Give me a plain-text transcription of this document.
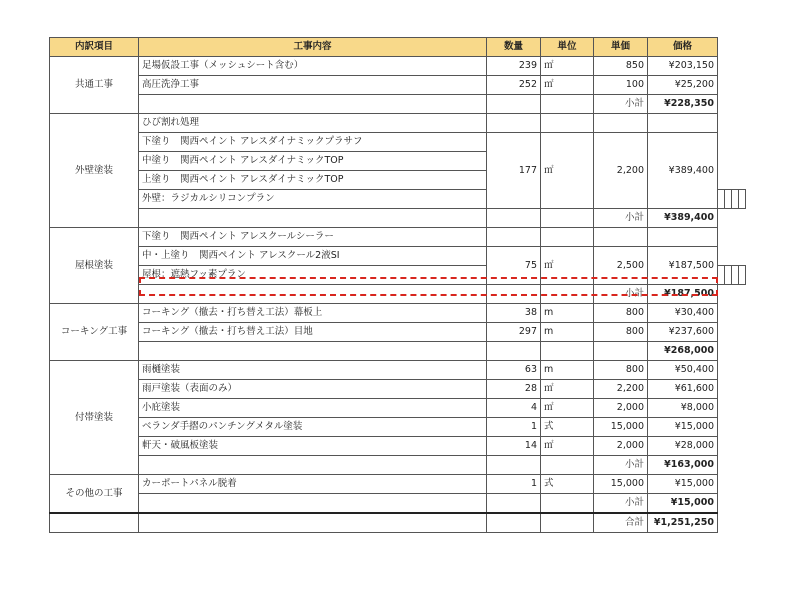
内訳項目	工事内容	数量	単位	単価	価格				
共通工事	足場仮設工事（メッシュシート含む）	239	㎡	850	¥203,150				
	高圧洗浄工事	252	㎡	100	¥25,200				
				小計	¥228,350				
外壁塗装	ひび割れ処理								
	下塗り　関西ペイント アレスダイナミックプラサフ	177	㎡	2,200	¥389,400				
	中塗り　関西ペイント アレスダイナミックTOP								
	上塗り　関西ペイント アレスダイナミックTOP								
	外壁：ラジカルシリコンプラン								
				小計	¥389,400				
屋根塗装	下塗り　関西ペイント アレスクールシーラー								
	中・上塗り　関西ペイント アレスクール2液SI	75	㎡	2,500	¥187,500				
	屋根：遮熱フッ素プラン								
				小計	¥187,500				
コーキング工事	コーキング（撤去・打ち替え工法）幕板上	38	m	800	¥30,400				
	コーキング（撤去・打ち替え工法）目地	297	m	800	¥237,600				
					¥268,000				
付帯塗装	雨樋塗装	63	m	800	¥50,400				
	雨戸塗装（表面のみ）	28	㎡	2,200	¥61,600				
	小庇塗装	4	㎡	2,000	¥8,000				
	ベランダ手摺のパンチングメタル塗装	1	式	15,000	¥15,000				
	軒天・破風板塗装	14	㎡	2,000	¥28,000				
				小計	¥163,000				
その他の工事	カーポートパネル脱着	1	式	15,000	¥15,000				
				小計	¥15,000				
				合計	¥1,251,250				
